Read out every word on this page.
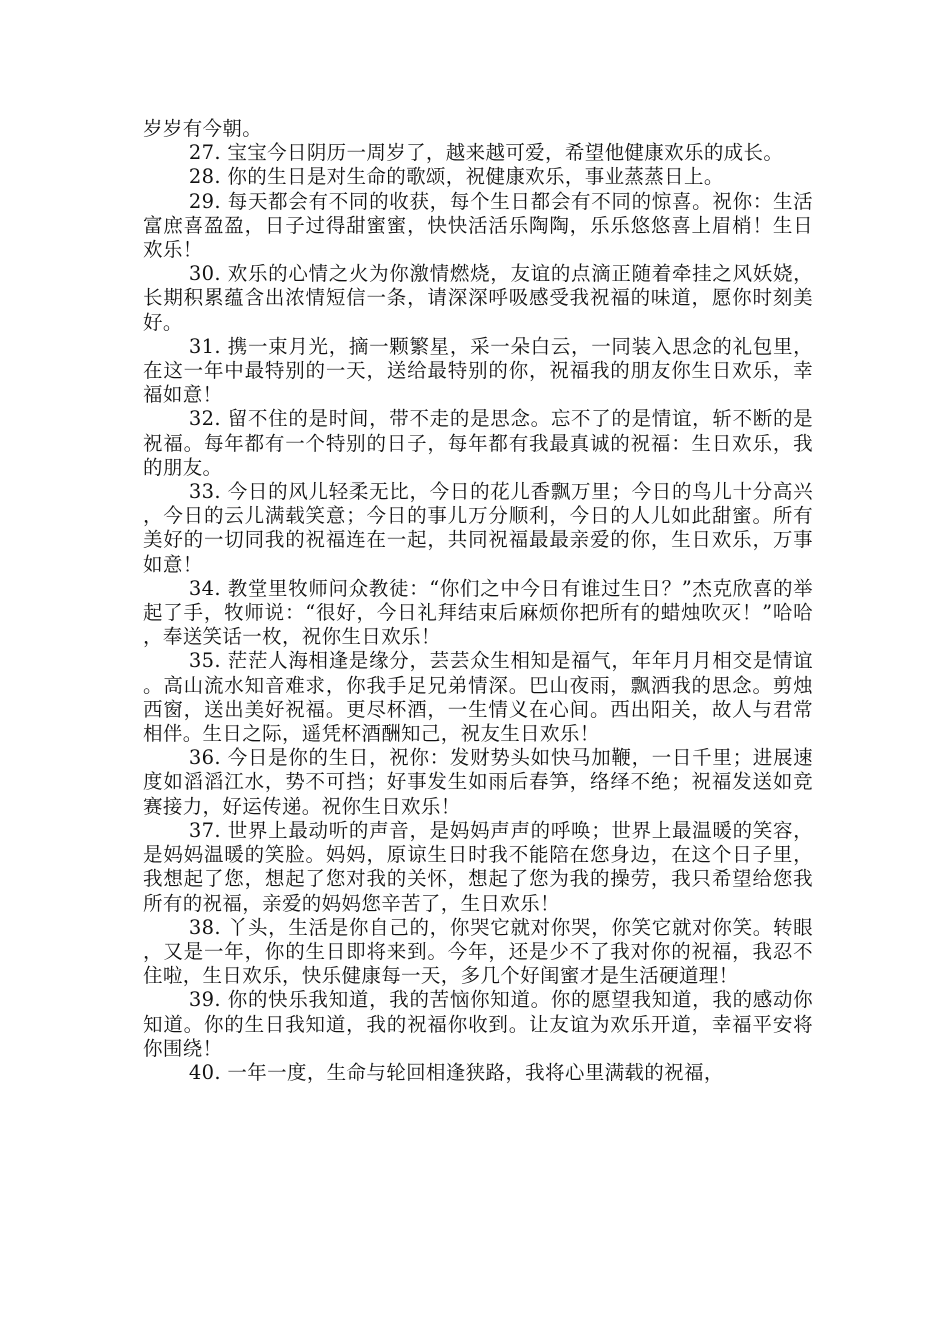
岁岁有今朝。

27. 宝宝今日阴历一周岁了，越来越可爱，希望他健康欢乐的成长。

28. 你的生日是对生命的歌颂，祝健康欢乐，事业蒸蒸日上。

29. 每天都会有不同的收获，每个生日都会有不同的惊喜。祝你：生活富庶喜盈盈，日子过得甜蜜蜜，快快活活乐陶陶，乐乐悠悠喜上眉梢！生日欢乐！

30. 欢乐的心情之火为你激情燃烧，友谊的点滴正随着牵挂之风妖娆，长期积累蕴含出浓情短信一条，请深深呼吸感受我祝福的味道，愿你时刻美好。

31. 携一束月光，摘一颗繁星，采一朵白云，一同装入思念的礼包里，在这一年中最特别的一天，送给最特别的你，祝福我的朋友你生日欢乐，幸福如意！

32. 留不住的是时间，带不走的是思念。忘不了的是情谊，斩不断的是祝福。每年都有一个特别的日子，每年都有我最真诚的祝福：生日欢乐，我的朋友。

33. 今日的风儿轻柔无比，今日的花儿香飘万里；今日的鸟儿十分高兴，今日的云儿满载笑意；今日的事儿万分顺利，今日的人儿如此甜蜜。所有美好的一切同我的祝福连在一起，共同祝福最最亲爱的你，生日欢乐，万事如意！

34. 教堂里牧师问众教徒：“你们之中今日有谁过生日？”杰克欣喜的举起了手，牧师说：“很好，今日礼拜结束后麻烦你把所有的蜡烛吹灭！”哈哈，奉送笑话一枚，祝你生日欢乐！

35. 茫茫人海相逢是缘分，芸芸众生相知是福气，年年月月相交是情谊。高山流水知音难求，你我手足兄弟情深。巴山夜雨，飘洒我的思念。剪烛西窗，送出美好祝福。更尽杯酒，一生情义在心间。西出阳关，故人与君常相伴。生日之际，遥凭杯酒酬知己，祝友生日欢乐！

36. 今日是你的生日，祝你：发财势头如快马加鞭，一日千里；进展速度如滔滔江水，势不可挡；好事发生如雨后春笋，络绎不绝；祝福发送如竞赛接力，好运传递。祝你生日欢乐！

37. 世界上最动听的声音，是妈妈声声的呼唤；世界上最温暖的笑容，是妈妈温暖的笑脸。妈妈，原谅生日时我不能陪在您身边，在这个日子里，我想起了您，想起了您对我的关怀，想起了您为我的操劳，我只希望给您我所有的祝福，亲爱的妈妈您辛苦了，生日欢乐！

38. 丫头，生活是你自己的，你哭它就对你哭，你笑它就对你笑。转眼，又是一年，你的生日即将来到。今年，还是少不了我对你的祝福，我忍不住啦，生日欢乐，快乐健康每一天，多几个好闺蜜才是生活硬道理！

39. 你的快乐我知道，我的苦恼你知道。你的愿望我知道，我的感动你知道。你的生日我知道，我的祝福你收到。让友谊为欢乐开道，幸福平安将你围绕！

40. 一年一度，生命与轮回相逢狭路，我将心里满载的祝福，
